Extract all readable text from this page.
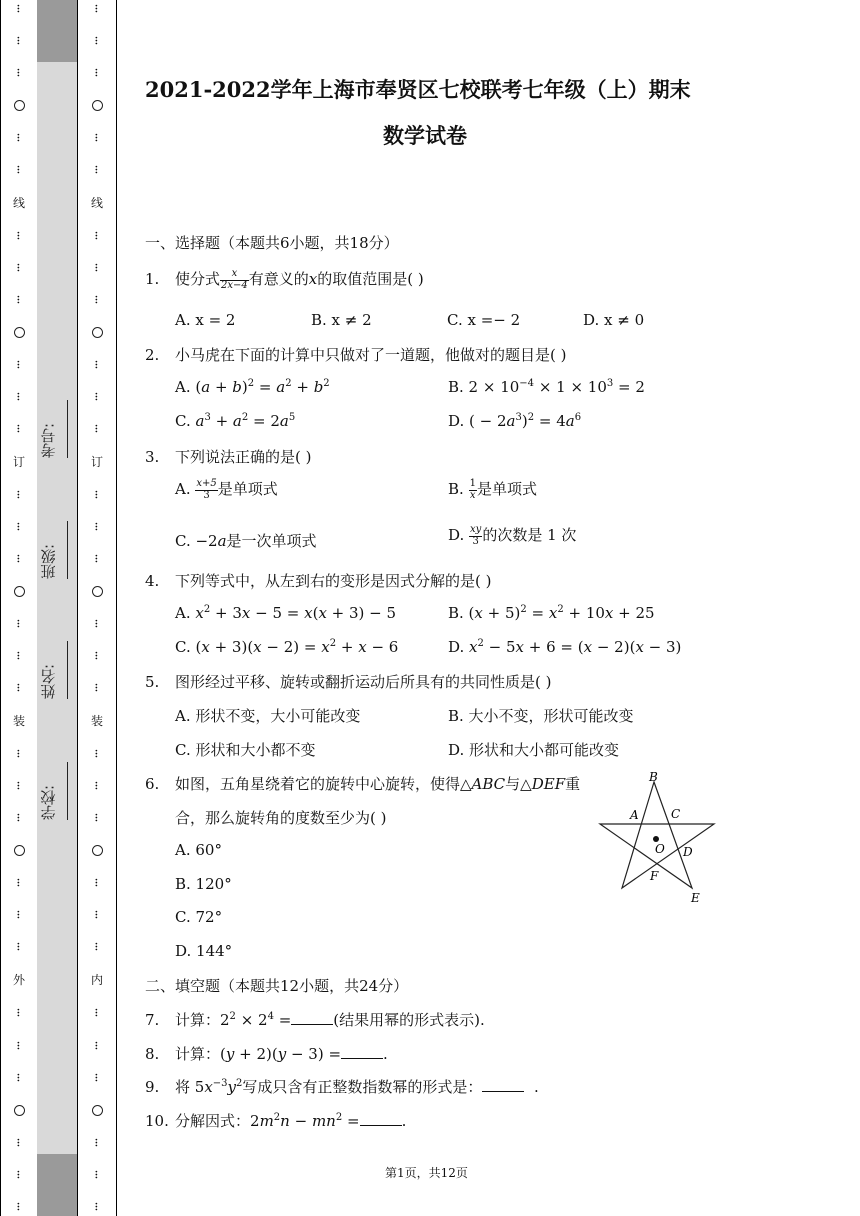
…
…
…
…
…
线
…
…
…
…
…
…
订
…
…
…
…
…
…
装
…
…
…
…
…
…
外
…
…
…
…
…
…
学校:
姓名:
班级:
考号:
…
…
…
…
…
线
…
…
…
…
…
…
订
…
…
…
…
…
…
装
…
…
…
…
…
…
内
…
…
…
…
…
…
2021-2022学年上海市奉贤区七校联考七年级（上）期末
数学试卷
一、选择题（本题共6小题，共18分）
1. 使分式 $\frac{x}{2x-4}$ 有意义的x的取值范围是( )
A. x = 2	B. x ≠ 2	C. x =− 2	D. x ≠ 0
2. 小马虎在下面的计算中只做对了一道题，他做对的题目是( )
A. $(a + b)^2 = a^2 + b^2$	B. $2 \times 10^{-4} \times 1 \times 10^3 = 2$
C. $a^3 + a^2 = 2a^5$	D. ( − $2a^3)^2 = 4a^6$
3. 下列说法正确的是( )
A. $\frac{x+5}{3}$ 是单项式	B. $\frac{1}{x}$ 是单项式
C. −2a是一次单项式	D. $\frac{xy}{3}$ 的次数是 1 次
4. 下列等式中，从左到右的变形是因式分解的是( )
A. $x^2 + 3x - 5 = x(x + 3) - 5$	B. $(x + 5)^2 = x^2 + 10x + 25$
C. $(x + 3)(x - 2) = x^2 + x - 6$	D. $x^2 - 5x + 6 = (x - 2)(x - 3)$
5. 图形经过平移、旋转或翻折运动后所具有的共同性质是( )
A. 形状不变，大小可能改变	B. 大小不变，形状可能改变
C. 形状和大小都不变	D. 形状和大小都可能改变
6. 如图，五角星绕着它的旋转中心旋转，使得△ABC与△DEF重
合，那么旋转角的度数至少为( )
A. 60°
B. 120°
C. 72°
D. 144°
二、填空题（本题共12小题，共24分）
7. 计算：$2^2 \times 2^4$ =	(结果用幂的形式表示).
8. 计算：(y + 2)(y − 3) =	.
9. 将 $5x^{-3}y^2$写成只含有正整数指数幂的形式是：	.
10. 分解因式：$2m^2n - mn^2$ =	.
B
A	C
O D
F
E
第1页，共12页
